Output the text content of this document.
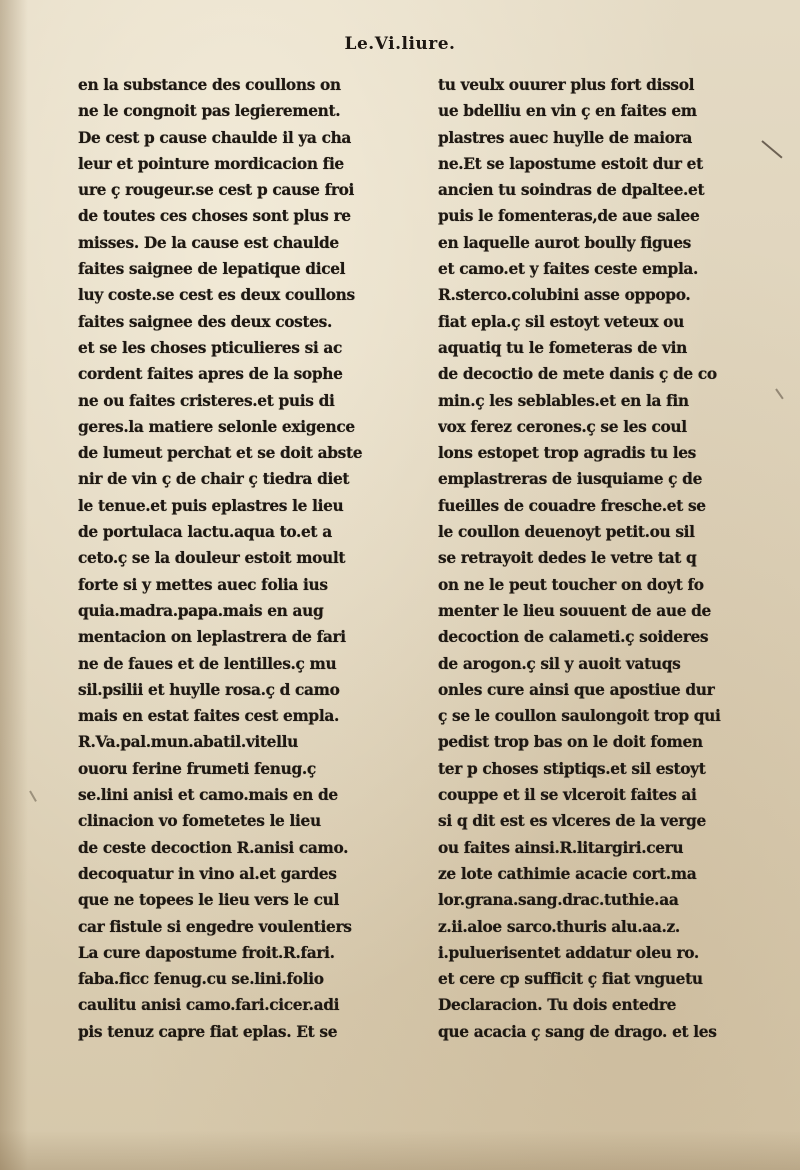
Le.Vi.liure.
en la substance des coullons on
ne le congnoit pas legierement.
De cest p cause chaulde il ya cha
leur et pointure mordicacion fie
ure ç rougeur.se cest p cause froi
de toutes ces choses sont plus re
misses. De la cause est chaulde
faites saignee de lepatique dicel
luy coste.se cest es deux coullons
faites saignee des deux costes.
et se les choses pticulieres si ac
cordent faites apres de la sophe
ne ou faites cristeres.et puis di
geres.la matiere selonle exigence
de lumeut perchat et se doit abste
nir de vin ç de chair ç tiedra diet
le tenue.et puis eplastres le lieu
de portulaca lactu.aqua to.et a
ceto.ç se la douleur estoit moult
forte si y mettes auec folia ius
quia.madra.papa.mais en aug
mentacion on leplastrera de fari
ne de faues et de lentilles.ç mu
sil.psilii et huylle rosa.ç d camo
mais en estat faites cest empla.
R.Va.pal.mun.abatil.vitellu
ouoru ferine frumeti fenug.ç
se.lini anisi et camo.mais en de
clinacion vo fometetes le lieu
de ceste decoction R.anisi camo.
decoquatur in vino al.et gardes
que ne topees le lieu vers le cul
car fistule si engedre voulentiers
La cure dapostume froit.R.fari.
faba.ficc fenug.cu se.lini.folio
caulitu anisi camo.fari.cicer.adi
pis tenuz capre fiat eplas. Et se
tu veulx ouurer plus fort dissol
ue bdelliu en vin ç en faites em
plastres auec huylle de maiora
ne.Et se lapostume estoit dur et
ancien tu soindras de dpaltee.et
puis le fomenteras,de aue salee
en laquelle aurot boully figues
et camo.et y faites ceste empla.
R.sterco.colubini asse oppopo.
fiat epla.ç sil estoyt veteux ou
aquatiq tu le fometeras de vin
de decoctio de mete danis ç de co
min.ç les seblables.et en la fin
vox ferez cerones.ç se les coul
lons estopet trop agradis tu les
emplastreras de iusquiame ç de
fueilles de couadre fresche.et se
le coullon deuenoyt petit.ou sil
se retrayoit dedes le vetre tat q
on ne le peut toucher on doyt fo
menter le lieu souuent de aue de
decoction de calameti.ç soideres
de arogon.ç sil y auoit vatuqs
onles cure ainsi que apostiue dur
ç se le coullon saulongoit trop qui
pedist trop bas on le doit fomen
ter p choses stiptiqs.et sil estoyt
couppe et il se vlceroit faites ai
si q dit est es vlceres de la verge
ou faites ainsi.R.litargiri.ceru
ze lote cathimie acacie cort.ma
lor.grana.sang.drac.tuthie.aa
z.ii.aloe sarco.thuris alu.aa.z.
i.puluerisentet addatur oleu ro.
et cere cp sufficit ç fiat vnguetu
Declaracion. Tu dois entedre
que acacia ç sang de drago. et les
